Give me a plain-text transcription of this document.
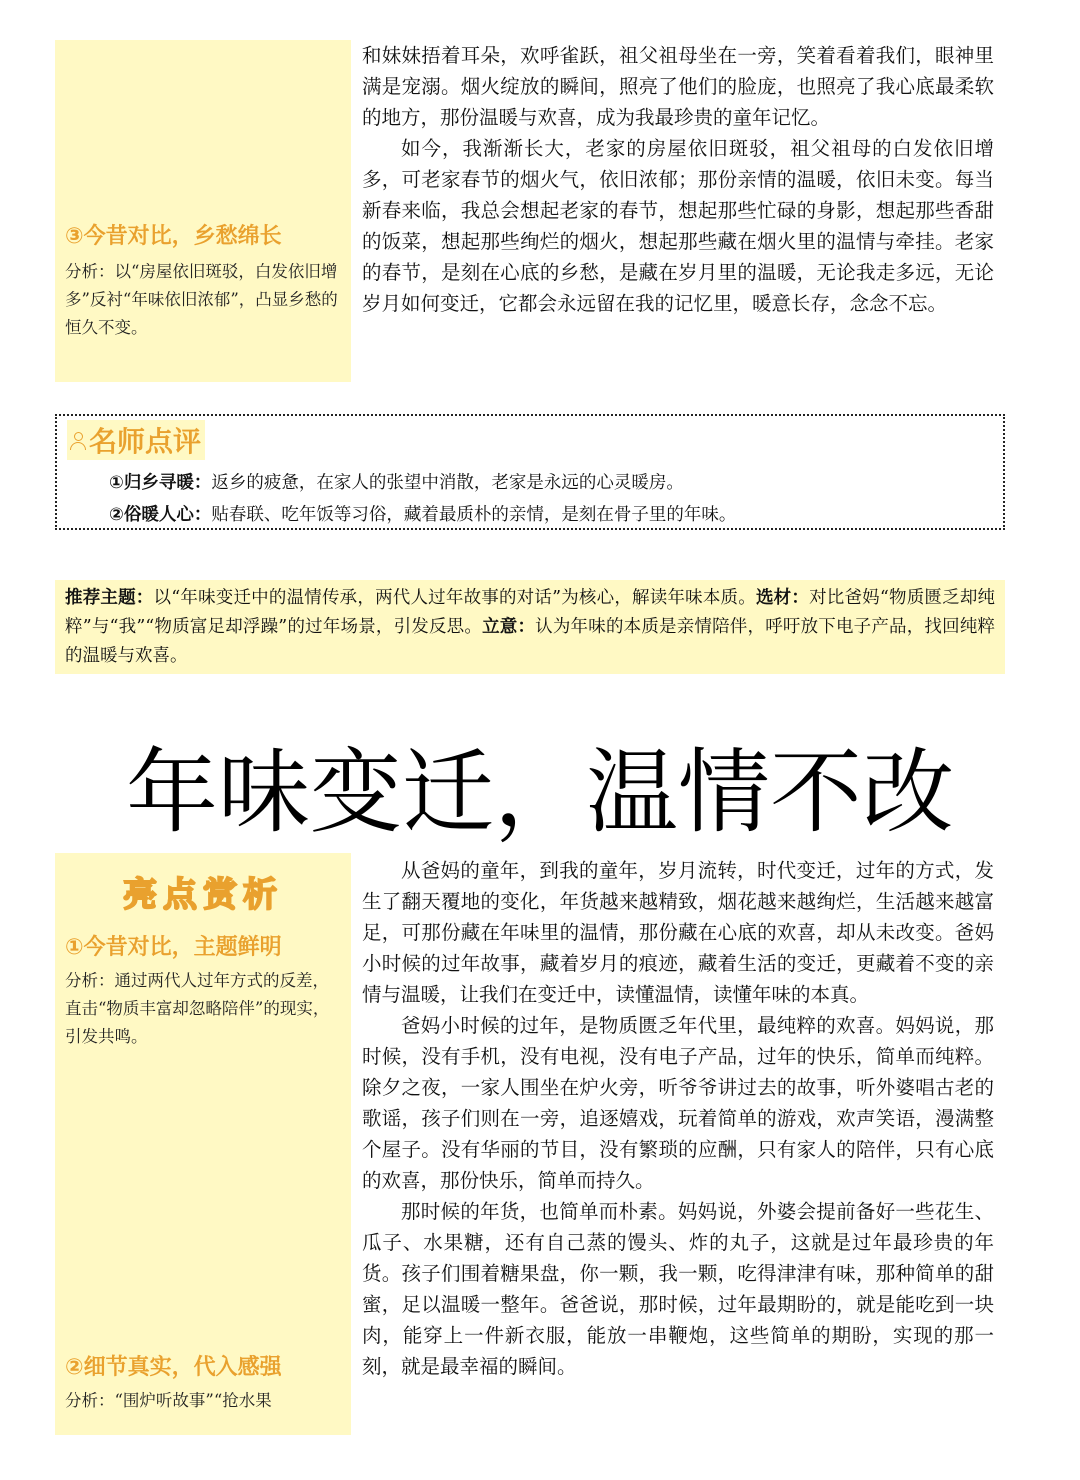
③今昔对比，乡愁绵长
分析：以“房屋依旧斑驳，白发依旧增多”反衬“年味依旧浓郁”，凸显乡愁的恒久不变。

和妹妹捂着耳朵，欢呼雀跃，祖父祖母坐在一旁，笑着看着我们，眼神里满是宠溺。烟火绽放的瞬间，照亮了他们的脸庞，也照亮了我心底最柔软的地方，那份温暖与欢喜，成为我最珍贵的童年记忆。

如今，我渐渐长大，老家的房屋依旧斑驳，祖父祖母的白发依旧增多，可老家春节的烟火气，依旧浓郁；那份亲情的温暖，依旧未变。每当新春来临，我总会想起老家的春节，想起那些忙碌的身影，想起那些香甜的饭菜，想起那些绚烂的烟火，想起那些藏在烟火里的温情与牵挂。老家的春节，是刻在心底的乡愁，是藏在岁月里的温暖，无论我走多远，无论岁月如何变迁，它都会永远留在我的记忆里，暖意长存，念念不忘。

名师点评
①归乡寻暖：返乡的疲惫，在家人的张望中消散，老家是永远的心灵暖房。
②俗暖人心：贴春联、吃年饭等习俗，藏着最质朴的亲情，是刻在骨子里的年味。
推荐主题：以“年味变迁中的温情传承，两代人过年故事的对话”为核心，解读年味本质。选材：对比爸妈“物质匮乏却纯粹”与“我”“物质富足却浮躁”的过年场景，引发反思。立意：认为年味的本质是亲情陪伴，呼吁放下电子产品，找回纯粹的温暖与欢喜。
年味变迁，温情不改
亮点赏析
①今昔对比，主题鲜明
分析：通过两代人过年方式的反差，直击“物质丰富却忽略陪伴”的现实，引发共鸣。
②细节真实，代入感强
分析：“围炉听故事”“抢水果

从爸妈的童年，到我的童年，岁月流转，时代变迁，过年的方式，发生了翻天覆地的变化，年货越来越精致，烟花越来越绚烂，生活越来越富足，可那份藏在年味里的温情，那份藏在心底的欢喜，却从未改变。爸妈小时候的过年故事，藏着岁月的痕迹，藏着生活的变迁，更藏着不变的亲情与温暖，让我们在变迁中，读懂温情，读懂年味的本真。

爸妈小时候的过年，是物质匮乏年代里，最纯粹的欢喜。妈妈说，那时候，没有手机，没有电视，没有电子产品，过年的快乐，简单而纯粹。除夕之夜，一家人围坐在炉火旁，听爷爷讲过去的故事，听外婆唱古老的歌谣，孩子们则在一旁，追逐嬉戏，玩着简单的游戏，欢声笑语，漫满整个屋子。没有华丽的节目，没有繁琐的应酬，只有家人的陪伴，只有心底的欢喜，那份快乐，简单而持久。

那时候的年货，也简单而朴素。妈妈说，外婆会提前备好一些花生、瓜子、水果糖，还有自己蒸的馒头、炸的丸子，这就是过年最珍贵的年货。孩子们围着糖果盘，你一颗，我一颗，吃得津津有味，那种简单的甜蜜，足以温暖一整年。爸爸说，那时候，过年最期盼的，就是能吃到一块肉，能穿上一件新衣服，能放一串鞭炮，这些简单的期盼，实现的那一刻，就是最幸福的瞬间。
